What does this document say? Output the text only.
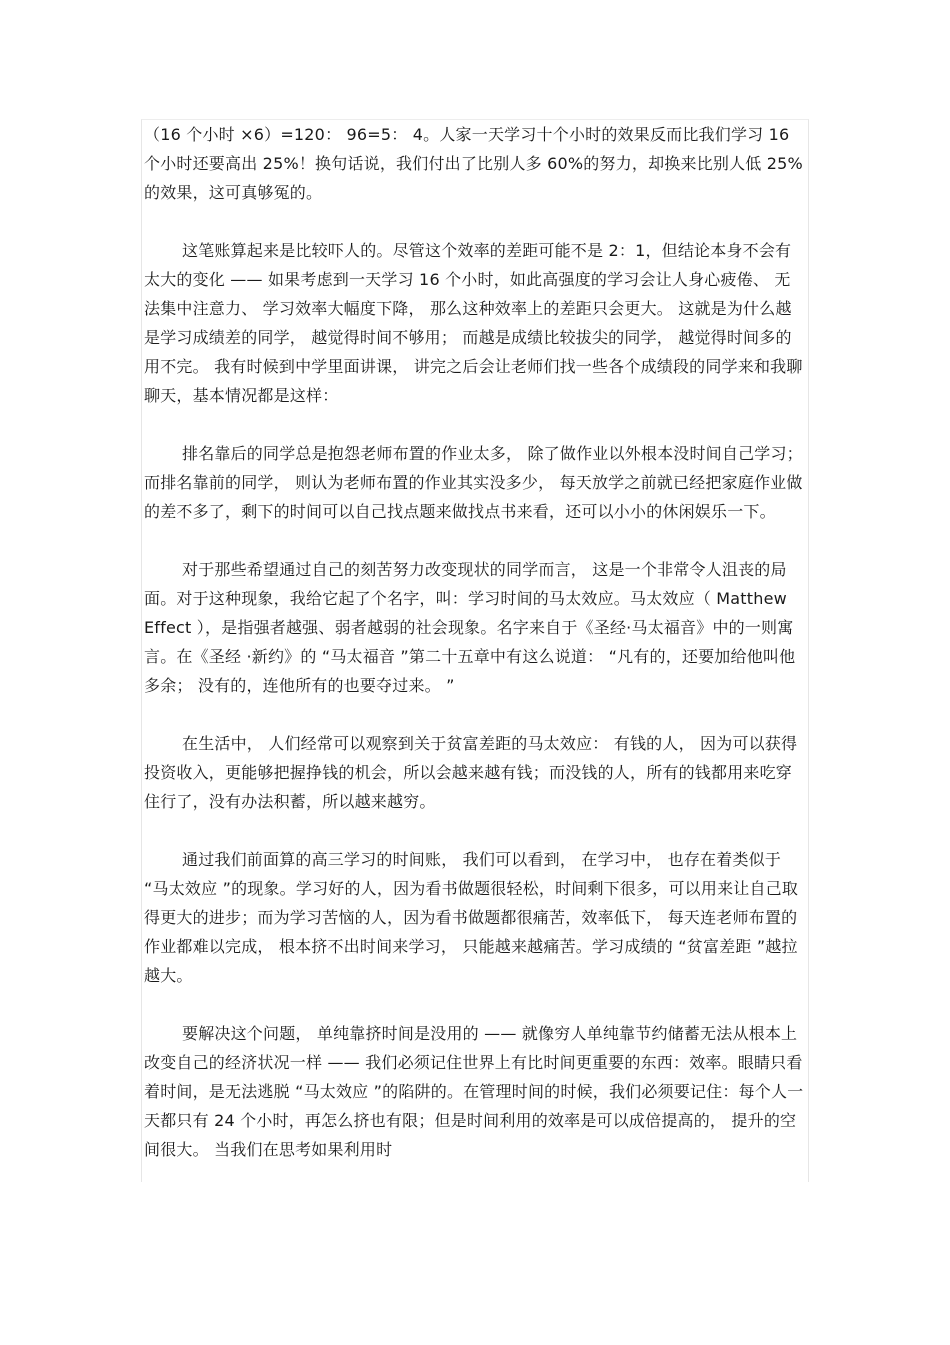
（16 个小时 ×6）=120： 96=5： 4。人家一天学习十个小时的效果反而比我们学习 16 个小时还要高出 25%！换句话说，我们付出了比别人多 60%的努力，却换来比别人低 25%的效果，这可真够冤的。

这笔账算起来是比较吓人的。尽管这个效率的差距可能不是 2：1，但结论本身不会有太大的变化 —— 如果考虑到一天学习 16 个小时，如此高强度的学习会让人身心疲倦、 无法集中注意力、 学习效率大幅度下降， 那么这种效率上的差距只会更大。 这就是为什么越是学习成绩差的同学， 越觉得时间不够用； 而越是成绩比较拔尖的同学， 越觉得时间多的用不完。 我有时候到中学里面讲课， 讲完之后会让老师们找一些各个成绩段的同学来和我聊聊天，基本情况都是这样：

排名靠后的同学总是抱怨老师布置的作业太多， 除了做作业以外根本没时间自己学习； 而排名靠前的同学， 则认为老师布置的作业其实没多少， 每天放学之前就已经把家庭作业做的差不多了，剩下的时间可以自己找点题来做找点书来看，还可以小小的休闲娱乐一下。

对于那些希望通过自己的刻苦努力改变现状的同学而言， 这是一个非常令人沮丧的局面。对于这种现象，我给它起了个名字，叫：学习时间的马太效应。马太效应（ Matthew Effect ），是指强者越强、弱者越弱的社会现象。名字来自于《圣经·马太福音》中的一则寓言。在《圣经 ·新约》的 “马太福音 ”第二十五章中有这么说道： “凡有的，还要加给他叫他多余； 没有的，连他所有的也要夺过来。 ”

在生活中， 人们经常可以观察到关于贫富差距的马太效应： 有钱的人， 因为可以获得投资收入，更能够把握挣钱的机会，所以会越来越有钱；而没钱的人，所有的钱都用来吃穿住行了，没有办法积蓄，所以越来越穷。

通过我们前面算的高三学习的时间账， 我们可以看到， 在学习中， 也存在着类似于 “马太效应 ”的现象。学习好的人，因为看书做题很轻松，时间剩下很多，可以用来让自己取得更大的进步；而为学习苦恼的人，因为看书做题都很痛苦，效率低下， 每天连老师布置的作业都难以完成， 根本挤不出时间来学习， 只能越来越痛苦。学习成绩的 “贫富差距 ”越拉越大。

要解决这个问题， 单纯靠挤时间是没用的 —— 就像穷人单纯靠节约储蓄无法从根本上改变自己的经济状况一样 —— 我们必须记住世界上有比时间更重要的东西：效率。眼睛只看着时间，是无法逃脱 “马太效应 ”的陷阱的。在管理时间的时候，我们必须要记住：每个人一天都只有 24 个小时，再怎么挤也有限；但是时间利用的效率是可以成倍提高的， 提升的空间很大。 当我们在思考如果利用时
